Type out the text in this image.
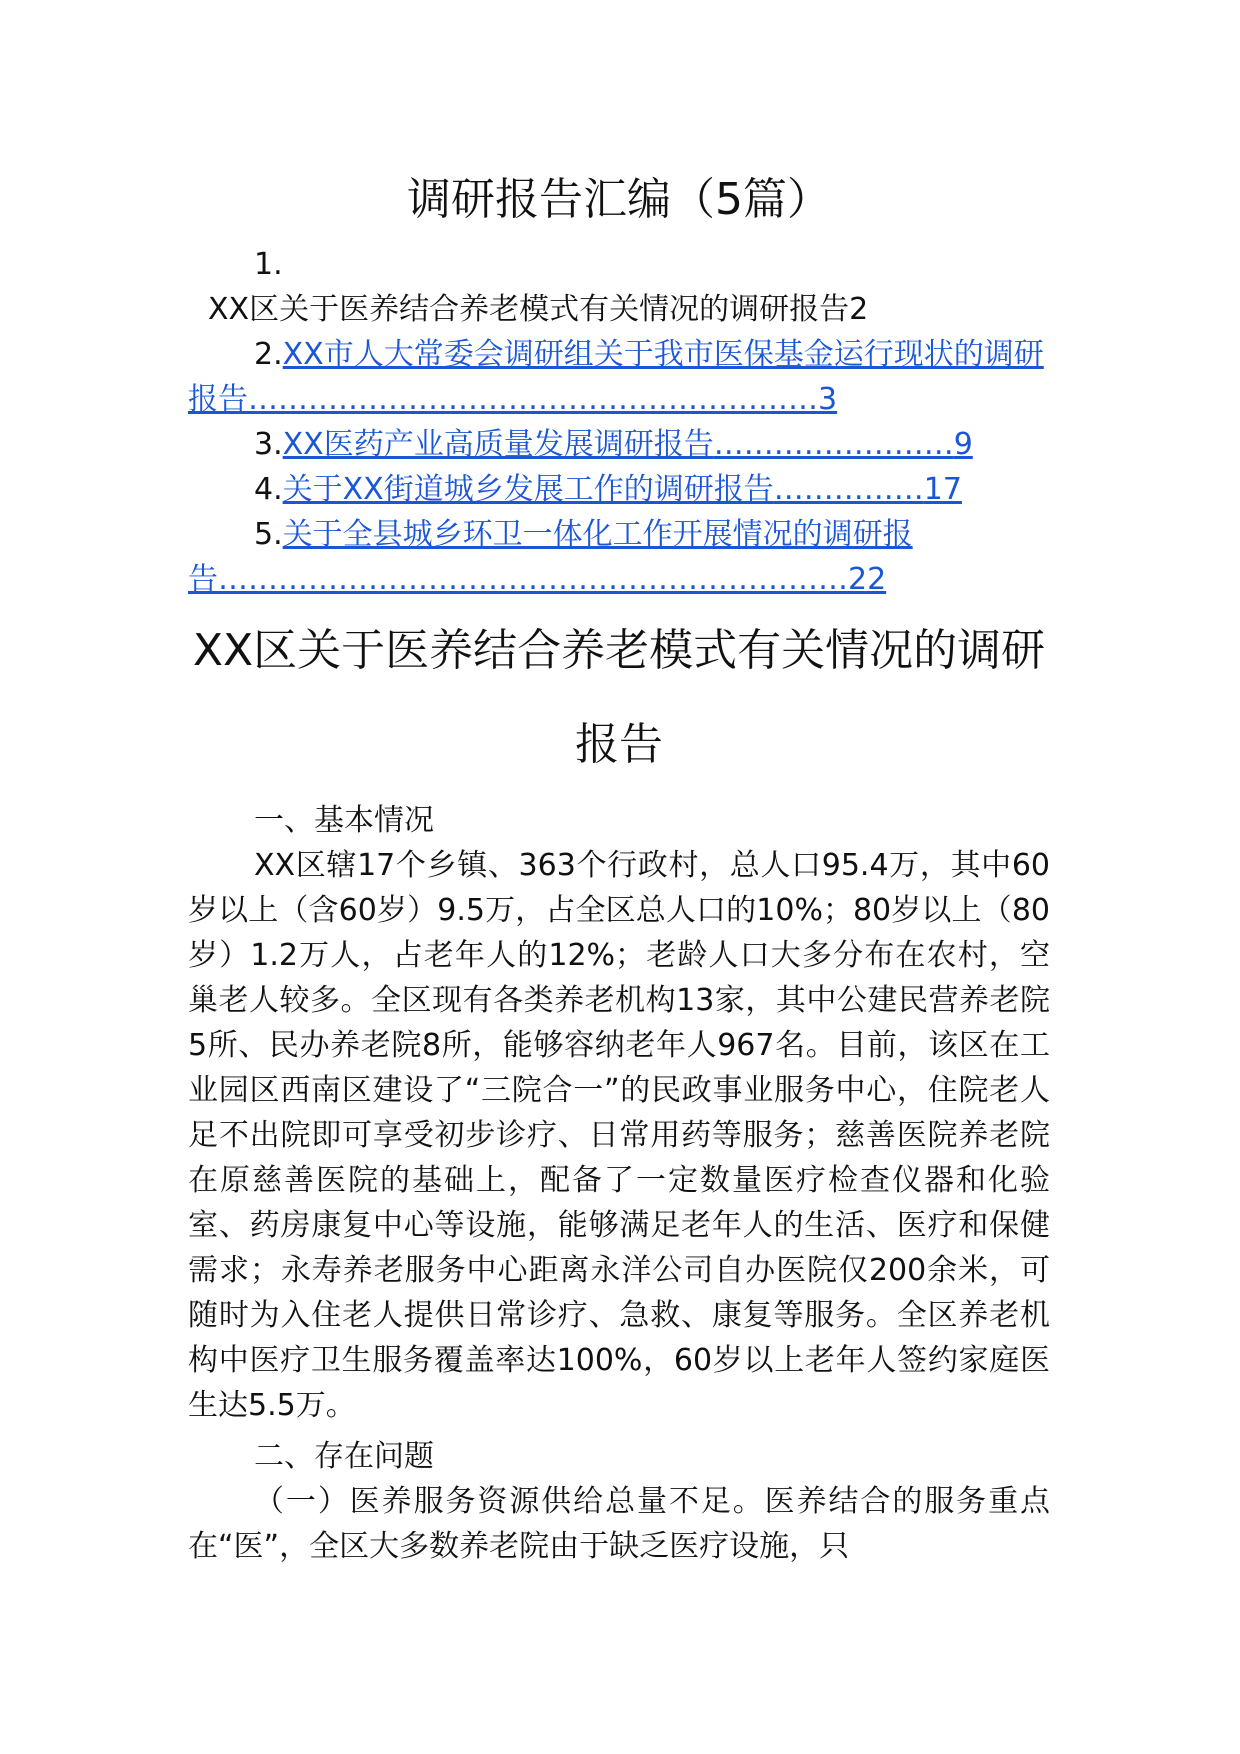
调研报告汇编（5篇）

1.

XX区关于医养结合养老模式有关情况的调研报告2

2.XX市人大常委会调研组关于我市医保基金运行现状的调研报告…………………………………………………3

3.XX医药产业高质量发展调研报告……………………9

4.关于XX街道城乡发展工作的调研报告……………17

5.关于全县城乡环卫一体化工作开展情况的调研报告………………………………………………………22

XX区关于医养结合养老模式有关情况的调研报告

一、基本情况

XX区辖17个乡镇、363个行政村，总人口95.4万，其中60岁以上（含60岁）9.5万，占全区总人口的10%；80岁以上（80岁）1.2万人，占老年人的12%；老龄人口大多分布在农村，空巢老人较多。全区现有各类养老机构13家，其中公建民营养老院5所、民办养老院8所，能够容纳老年人967名。目前，该区在工业园区西南区建设了“三院合一”的民政事业服务中心，住院老人足不出院即可享受初步诊疗、日常用药等服务；慈善医院养老院在原慈善医院的基础上，配备了一定数量医疗检查仪器和化验室、药房康复中心等设施，能够满足老年人的生活、医疗和保健需求；永寿养老服务中心距离永洋公司自办医院仅200余米，可随时为入住老人提供日常诊疗、急救、康复等服务。全区养老机构中医疗卫生服务覆盖率达100%，60岁以上老年人签约家庭医生达5.5万。

二、存在问题

（一）医养服务资源供给总量不足。医养结合的服务重点在“医”，全区大多数养老院由于缺乏医疗设施，只
